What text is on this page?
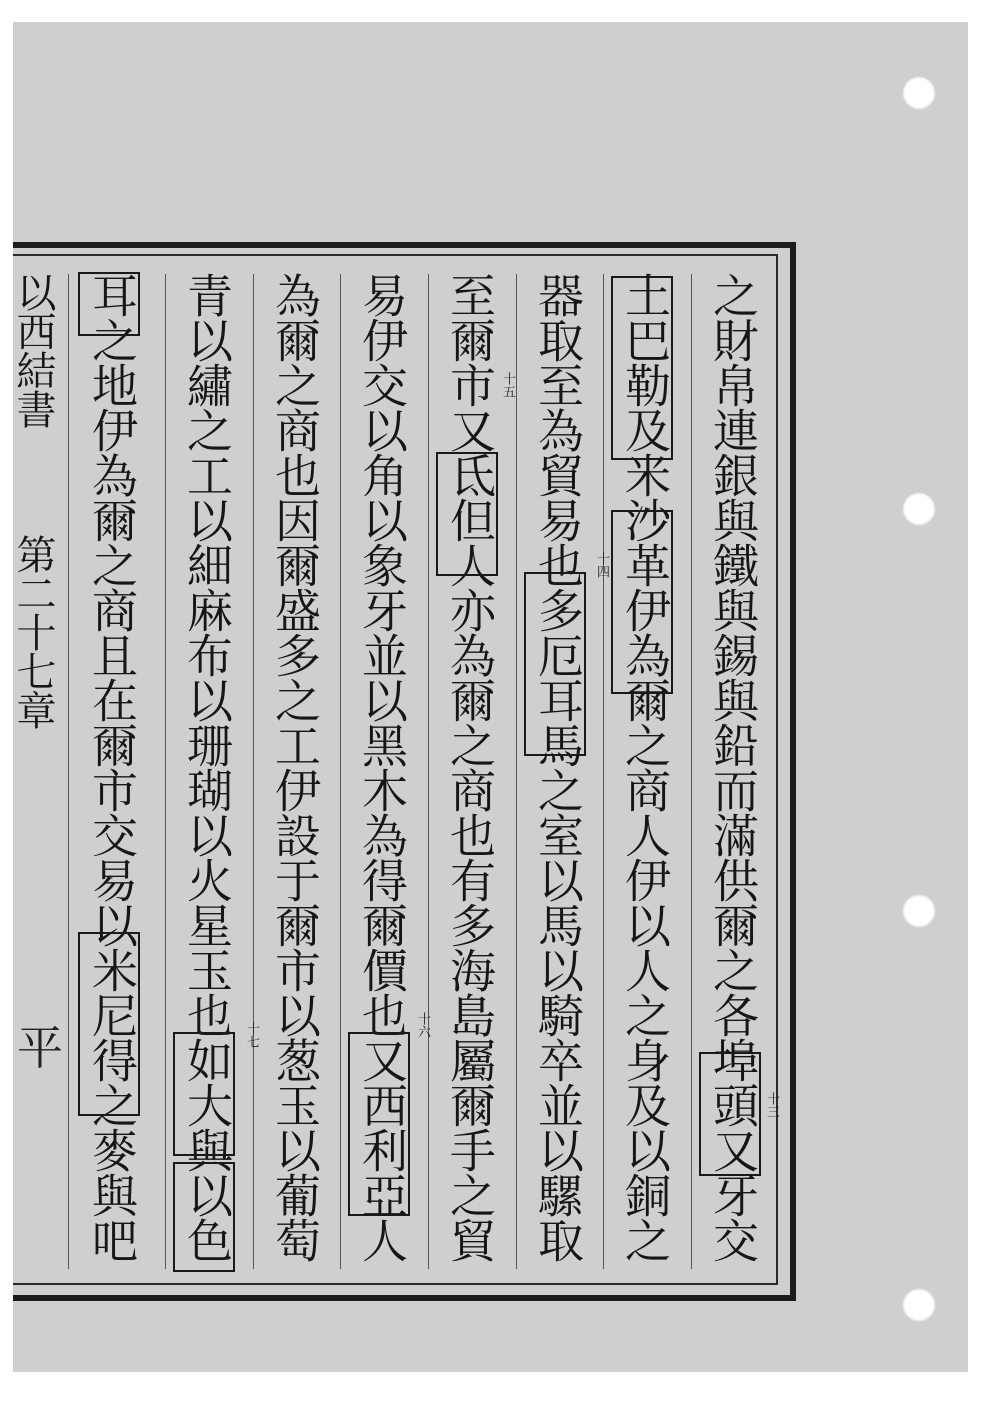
之財帛連銀與鐵與錫與鉛而滿供爾之各埠頭又牙交
土巴勒及米沙革伊為爾之商人伊以人之身及以銅之
器取至為貿易也多厄耳馬之室以馬以騎卒並以騾取
至爾市又氐但人亦為爾之商也有多海島屬爾手之貿
易伊交以角以象牙並以黑木為得爾價也又西利亞人
為爾之商也因爾盛多之工伊設于爾市以葱玉以葡萄
青以繡之工以細麻布以珊瑚以火星玉也如大與以色
耳之地伊為爾之商且在爾市交易以米尼得之麥與吧	十三
十四
十五
十六
十七
以西結書
第二十七章
平
